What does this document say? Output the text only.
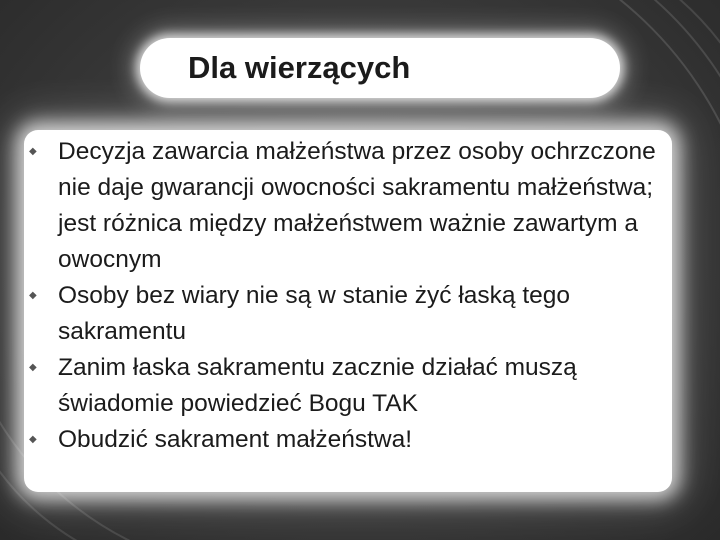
Dla wierzących
◆ Decyzja zawarcia małżeństwa przez osoby ochrzczone nie daje gwarancji owocności sakramentu małżeństwa; jest różnica między małżeństwem ważnie zawartym a owocnym
◆ Osoby bez wiary nie są w stanie żyć łaską tego sakramentu
◆ Zanim łaska sakramentu zacznie działać muszą świadomie powiedzieć Bogu TAK
◆ Obudzić sakrament małżeństwa!
